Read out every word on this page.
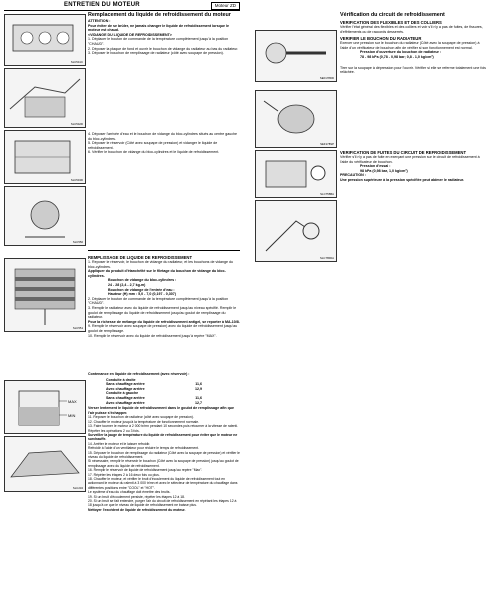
ENTRETIEN DU MOTEUR	Moteur ZD
SLC541C
SLC542D
SLC543D
SLC550
SLC551
MAX
MIN
SLC232
Remplacement du liquide de refroidissement du moteur
ATTENTION :
Pour éviter de se brûler, ne jamais changer le liquide de refroidissement lorsque le moteur est chaud.
<VIDANGE DU LIQUIDE DE REFROIDISSEMENT>
1. Déplacer le bouton de commande de la température complètement jusqu'à la position "CHAUD".
2. Déposer la plaque de fond et ouvrir le bouchon de vidange du radiateur au bas du radiateur.
3. Déposer le bouchon de remplissage de radiateur (côté avec soupape de pression).
4. Déposer l'arrivée d'eau et le bouchon de vidange du bloc-cylindres situés au centre gauche du bloc-cylindres.
5. Déposer le réservoir (Côté avec soupape de pression) et vidanger le liquide de refroidissement.
6. Vérifier le bouchon de vidange du bloc-cylindres et le liquide de refroidissement.
REMPLISSAGE DE LIQUIDE DE REFROIDISSEMENT
1. Reposer le réservoir, le bouchon de vidange du radiateur, et les bouchons de vidange du bloc-cylindres.
Appliquer du produit d'étanchéité sur le filetage du bouchon de vidange du bloc-cylindres.
Bouchon de vidange du bloc-cylindres :
24 - 28 (2,4 - 2,7 kg-m)
Bouchon de vidange de l'entrée d'eau :
Hauteur (H) mm : 5,0 - 7,0 (0,197 - 0,307)
2. Déplacer le bouton de commande de la température complètement jusqu'à la position "CHAUD".
3. Remplir le radiateur avec du liquide de refroidissement jusqu'au niveau spécifié. Remplir le goulot de remplissage du liquide de refroidissement jusqu'au goulot de remplissage du radiateur.
Pour la richesse de mélange du liquide de refroidissement antigel, se reporter à MA-10/8.
9. Remplir le réservoir avec soupape de pression) avec du liquide de refroidissement jusqu'au goulot de remplissage.
10. Remplir le réservoir avec du liquide de refroidissement jusqu'à repère "MAX".
Contenance en liquide de refroidissement (avec réservoir) :
Conduite à droite
Sans chauffage arrière	11,6
Avec chauffage arrière	12,9
Conduite à gauche
Sans chauffage arrière	11,6
Avec chauffage arrière	12,7
Verser lentement le liquide de refroidissement dans le goulot de remplissage afin que l'air puisse s'échapper.
11. Reposer le bouchon de radiateur (côté avec soupape de pression).
12. Chauffer le moteur jusqu'à la température de fonctionnement normale.
13. Faire tourner le moteur à 2 000 tr/mn pendant 10 secondes puis retourner à la vitesse de ralenti.
Répéter les opérations 2 ou 3 fois.
Surveiller la jauge de température du liquide de refroidissement pour éviter que le moteur ne surchauffe.
14. Arrêter le moteur et le laisser refroidir.
Refroidir à l'aide d'un ventilateur pour réduire le temps de refroidissement.
15. Déposer le bouchon de remplissage du radiateur (Côté avec la soupape de pression) et vérifier le niveau du liquide de refroidissement.
Si nécessaire, remplir le réservoir le bouchon (Côté avec la soupape de pression) jusqu'au goulot de remplissage avec du liquide de refroidissement.
16. Remplir le réservoir de liquide de refroidissement jusqu'au repère "Max".
17. Répéter les étapes 2 à 16 deux fois ou plus.
18. Chauffer le moteur, et vérifier le bruit d'écoulement du liquide de refroidissement tout en actionnant le moteur du ralenti à 3 000 tr/mn et avec le sélecteur de température du chauffage dans différentes positions entre "COOL" et "HOT".
Le système d'eau du chauffage doit émettre des bruits.
19. Si un bruit d'écoulement persiste, répéter les étapes 12 à 18.
20. Si un bruit se fait entendre, purger l'air du circuit de refroidissement en répétant les étapes 12 à 18 jusqu'à ce que le niveau de liquide de refroidissement ne baisse plus.
Nettoyer l'excédent de liquide de refroidissement du moteur.
SEF178DD
SEF178SP
SLC755BA
SLC765DA
Vérification du circuit de refroidissement
VERIFICATION DES FLEXIBLES ET DES COLLIERS
Vérifier l'état général des flexibles et des colliers et voir s'il n'y a pas de fuites, de fissures, d'effritements ou de raccords desserrés.
VERIFIER LE BOUCHON DU RADIATEUR
Exercer une pression sur le bouchon du radiateur (Côté avec la soupape de pression) à l'aide d'un vérificateur de bouchon afin de vérifier si son fonctionnement est normal.
Pression d'ouverture du bouchon de radiateur :
78 - 98 kPa (0,78 - 0,98 bar; 0,8 - 1,0 kg/cm²)
Tirer sur la soupape à dépression pour l'ouvrir. Vérifier si elle se referme totalement une fois relâchée.
VERIFICATION DE FUITES DU CIRCUIT DE REFROIDISSEMENT
Vérifier s'il n'y a pas de fuite en exerçant une pression sur le circuit de refroidissement à l'aide du vérificateur de bouchon.
Pression d'essai :
98 kPa (0,98 bar, 1,0 kg/cm²)
PRECAUTION :
Une pression supérieure à la pression spécifiée peut abîmer le radiateur.
